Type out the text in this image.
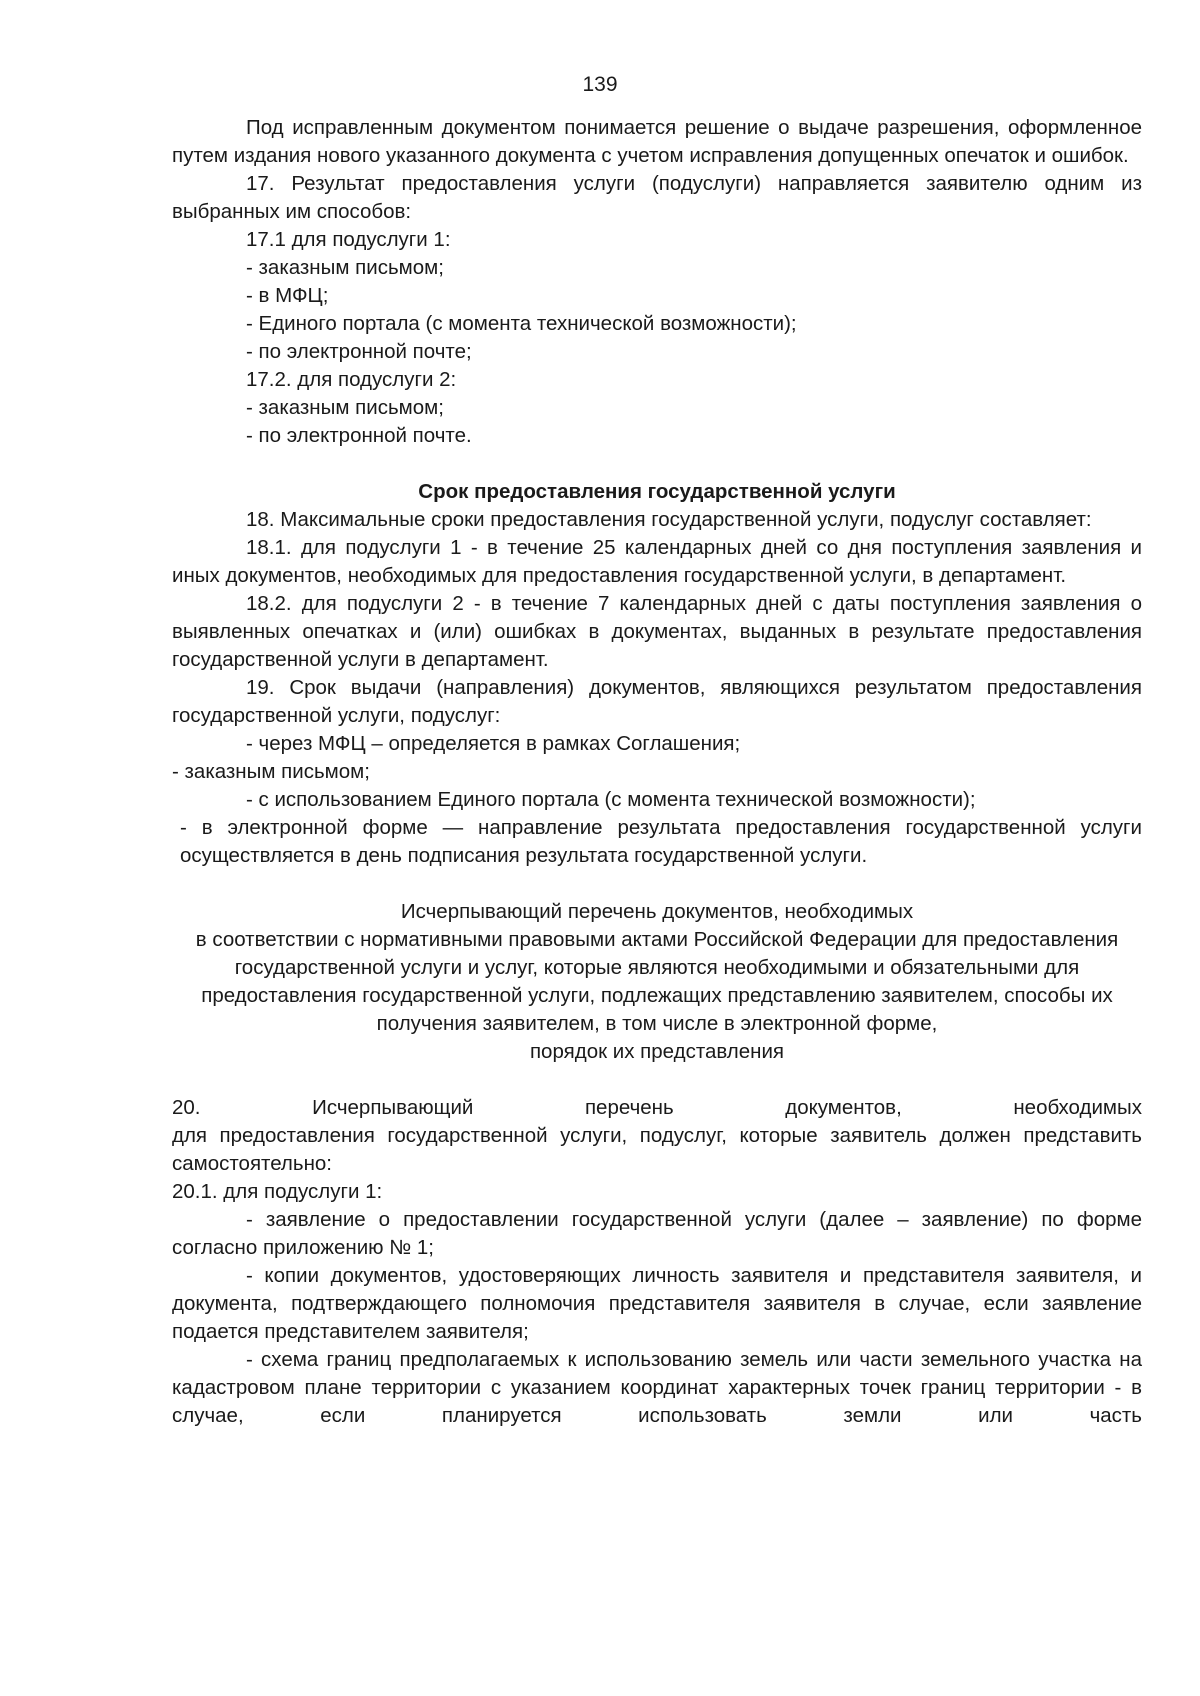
139

Под исправленным документом понимается решение о выдаче разрешения, оформленное путем издания нового указанного документа с учетом исправления допущенных опечаток и ошибок.

17. Результат предоставления услуги (подуслуги) направляется заявителю одним из выбранных им способов:

17.1 для подуслуги 1:

- заказным письмом;

- в МФЦ;

- Единого портала (с момента технической возможности);

- по электронной почте;

17.2. для подуслуги 2:

- заказным письмом;

- по электронной почте.

Срок предоставления государственной услуги

18. Максимальные сроки предоставления государственной услуги, подуслуг составляет:

18.1. для подуслуги 1 - в течение 25 календарных дней со дня поступления заявления и иных документов, необходимых для предоставления государственной услуги, в департамент.

18.2. для подуслуги 2 - в течение 7 календарных дней с даты поступления заявления о выявленных опечатках и (или) ошибках в документах, выданных в результате предоставления государственной услуги в департамент.

19. Срок выдачи (направления) документов, являющихся результатом предоставления государственной услуги, подуслуг:

- через МФЦ – определяется в рамках Соглашения;

- заказным письмом;

- с использованием Единого портала (с момента технической возможности);

- в электронной форме — направление результата предоставления государственной услуги осуществляется в день подписания результата государственной услуги.

Исчерпывающий перечень документов, необходимых
в соответствии с нормативными правовыми актами Российской Федерации для предоставления государственной услуги и услуг, которые являются необходимыми и обязательными для предоставления государственной услуги, подлежащих представлению заявителем, способы их получения заявителем, в том числе в электронной форме,
порядок их представления

20. Исчерпывающий перечень документов, необходимых

для предоставления государственной услуги, подуслуг, которые заявитель должен представить самостоятельно:

20.1. для подуслуги 1:

- заявление о предоставлении государственной услуги (далее – заявление) по форме согласно приложению № 1;

- копии документов, удостоверяющих личность заявителя и представителя заявителя, и документа, подтверждающего полномочия представителя заявителя в случае, если заявление подается представителем заявителя;

- схема границ предполагаемых к использованию земель или части земельного участка на кадастровом плане территории с указанием координат характерных точек границ территории - в случае, если планируется использовать земли или часть
